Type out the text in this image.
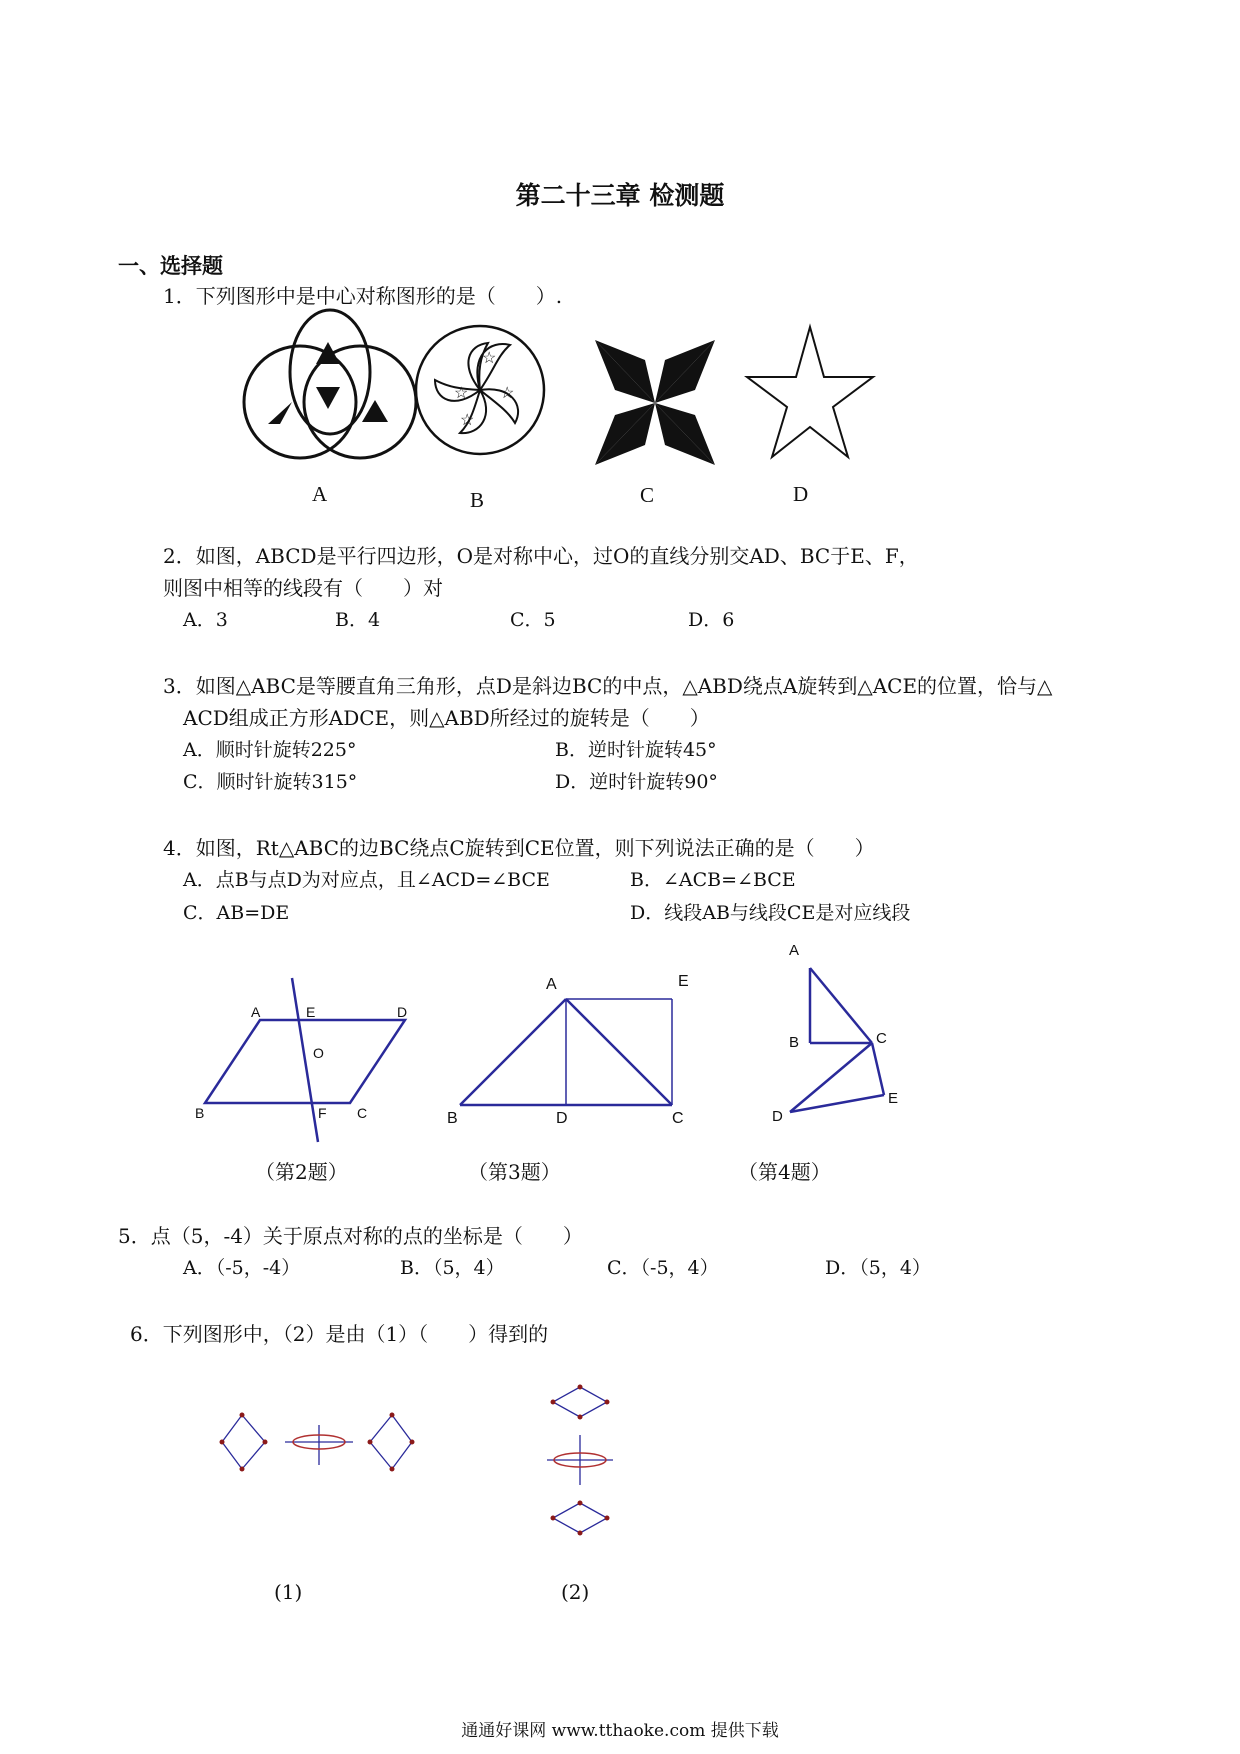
第二十三章 检测题
一、选择题
1．下列图形中是中心对称图形的是（　　）.
A
☆
☆
☆
☆
B	C	D
2．如图，ABCD是平行四边形，O是对称中心，过O的直线分别交AD、BC于E、F，
则图中相等的线段有（　　）对
A．3	B．4	C．5	D．6
3．如图△ABC是等腰直角三角形，点D是斜边BC的中点，△ABD绕点A旋转到△ACE的位置，恰与△
ACD组成正方形ADCE，则△ABD所经过的旋转是（　　）
A．顺时针旋转225°	B．逆时针旋转45°
C．顺时针旋转315°	D．逆时针旋转90°
4．如图，Rt△ABC的边BC绕点C旋转到CE位置，则下列说法正确的是（　　）
A．点B与点D为对应点，且∠ACD=∠BCE	B．∠ACB=∠BCE
C．AB=DE	D．线段AB与线段CE是对应线段
A	E	D
O
B	F C
（第2题）
A	E
B	D	C
（第3题）
A
B	C
E
D
（第4题）
5．点（5，-4）关于原点对称的点的坐标是（　　）
A．（-5，-4）	B．（5，4）	C．（-5，4）	D．（5，4）
6．下列图形中，（2）是由（1）（　　）得到的
(1)	(2)
通通好课网 www.tthaoke.com 提供下载
